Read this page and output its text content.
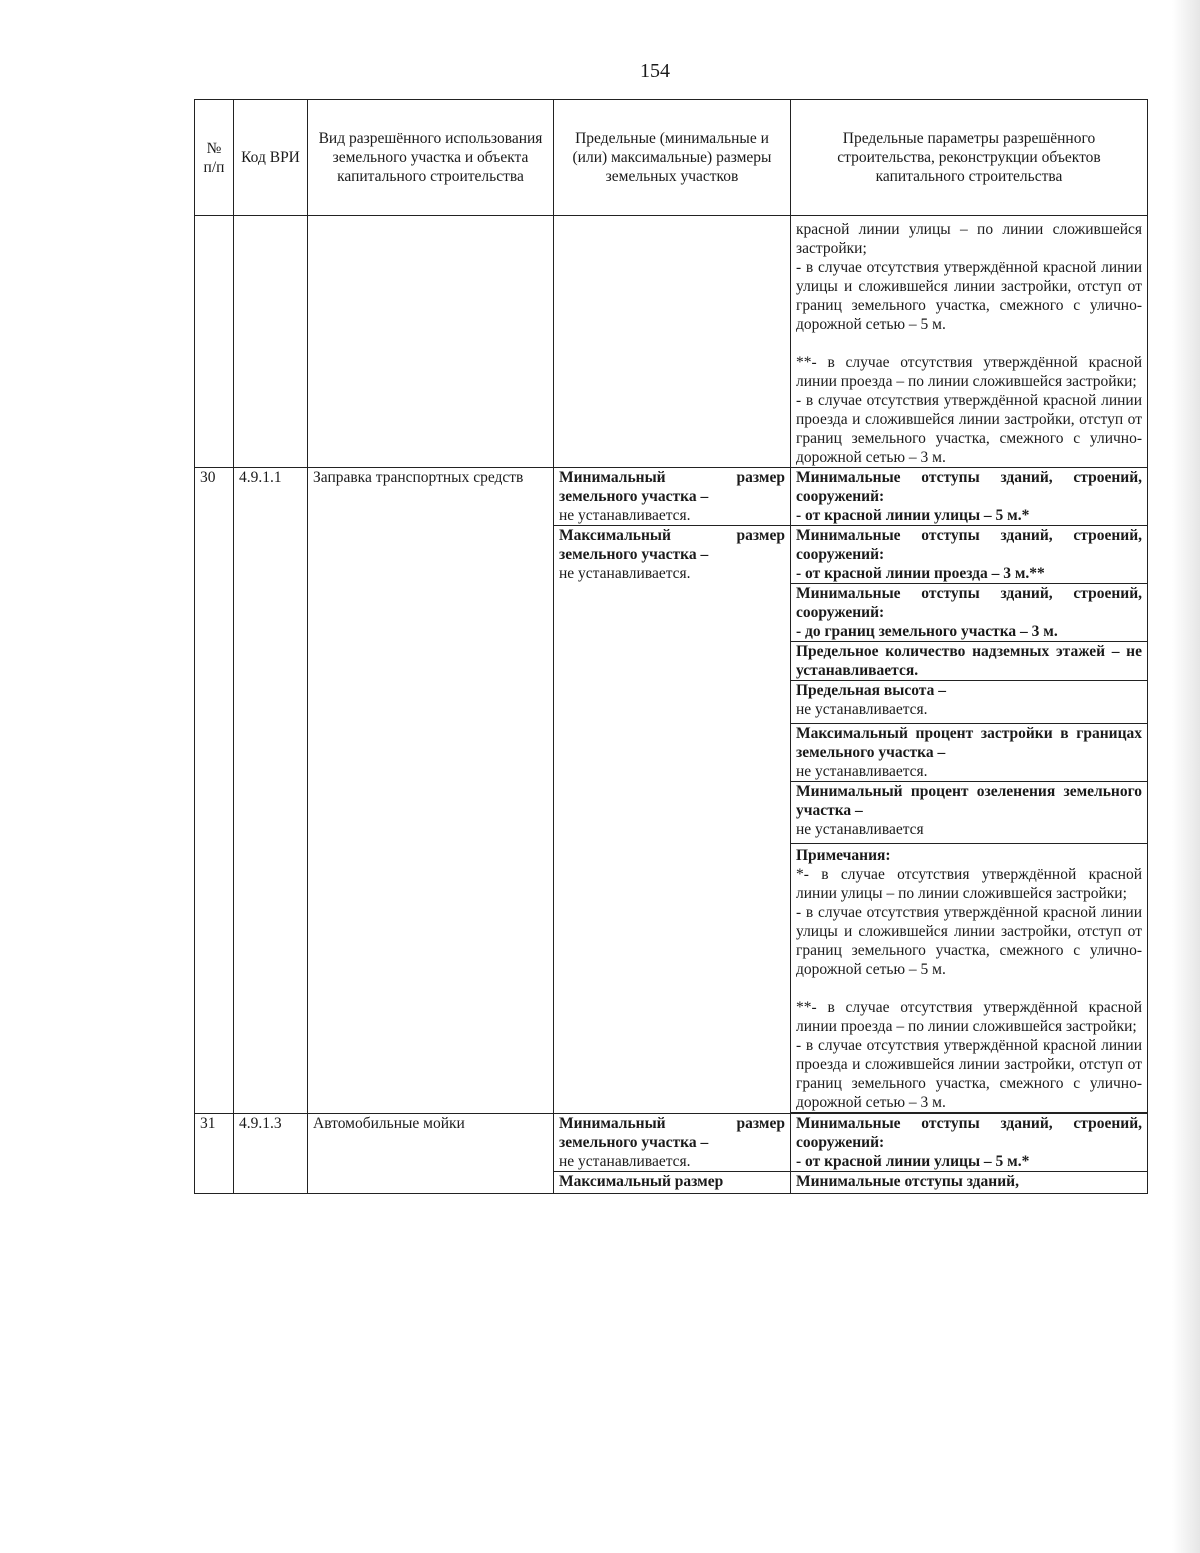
154
№ п/п	Код ВРИ	Вид разрешённого использования земельного участка и объекта капитального строительства	Предельные (минимальные и (или) максимальные) размеры земельных участков	Предельные параметры разрешённого строительства, реконструкции объектов капитального строительства

				красной линии улицы – по линии сложившейся застройки;
- в случае отсутствия утверждённой красной линии улицы и сложившейся линии застройки, отступ от границ земельного участка, смежного с улично-дорожной сетью – 5 м.
**- в случае отсутствия утверждённой красной линии проезда – по линии сложившейся застройки;
- в случае отсутствия утверждённой красной линии проезда и сложившейся линии застройки, отступ от границ земельного участка, смежного с улично-дорожной сетью – 3 м.

30	4.9.1.1	Заправка транспортных средств	Минимальный размер земельного участка –
не устанавливается.	Минимальные отступы зданий, строений, сооружений:
- от красной линии улицы – 5 м.*

			Максимальный размер земельного участка –
не устанавливается.	Минимальные отступы зданий, строений, сооружений:
- от красной линии проезда – 3 м.**

				Минимальные отступы зданий, строений, сооружений:
- до границ земельного участка – 3 м.

				Предельное количество надземных этажей – не устанавливается.

				Предельная высота –
не устанавливается.

				Максимальный процент застройки в границах земельного участка –
не устанавливается.

				Минимальный процент озеленения земельного участка –
не устанавливается

				Примечания:
*- в случае отсутствия утверждённой красной линии улицы – по линии сложившейся застройки;
- в случае отсутствия утверждённой красной линии улицы и сложившейся линии застройки, отступ от границ земельного участка, смежного с улично-дорожной сетью – 5 м.
**- в случае отсутствия утверждённой красной линии проезда – по линии сложившейся застройки;
- в случае отсутствия утверждённой красной линии проезда и сложившейся линии застройки, отступ от границ земельного участка, смежного с улично-дорожной сетью – 3 м.

31	4.9.1.3	Автомобильные мойки	Минимальный размер земельного участка –
не устанавливается.	Минимальные отступы зданий, строений, сооружений:
- от красной линии улицы – 5 м.*

			Максимальный размер	Минимальные отступы зданий,
